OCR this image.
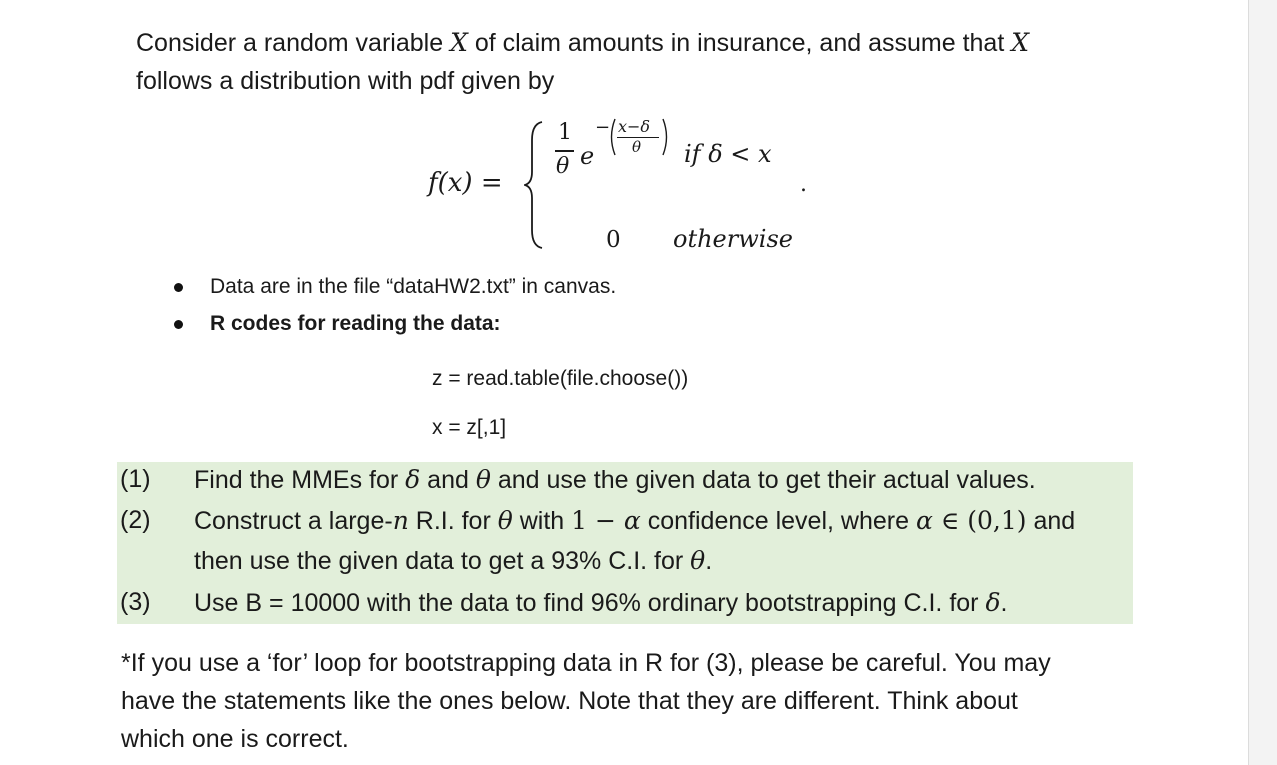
Consider a random variable X of claim amounts in insurance, and assume that X
follows a distribution with pdf given by
f(x) =
1
θ e
− x−δ
θ if δ < x
0 otherwise
.
Data are in the file “dataHW2.txt” in canvas.
R codes for reading the data:
z = read.table(file.choose())
x = z[,1]
(1) Find the MMEs for δ and θ and use the given data to get their actual values.
(2) Construct a large-n R.I. for θ with 1 − α confidence level, where α ∈ (0,1) and
then use the given data to get a 93% C.I. for θ.
(3) Use B = 10000 with the data to find 96% ordinary bootstrapping C.I. for δ.
*If you use a ‘for’ loop for bootstrapping data in R for (3), please be careful. You may
have the statements like the ones below. Note that they are different. Think about
which one is correct.
